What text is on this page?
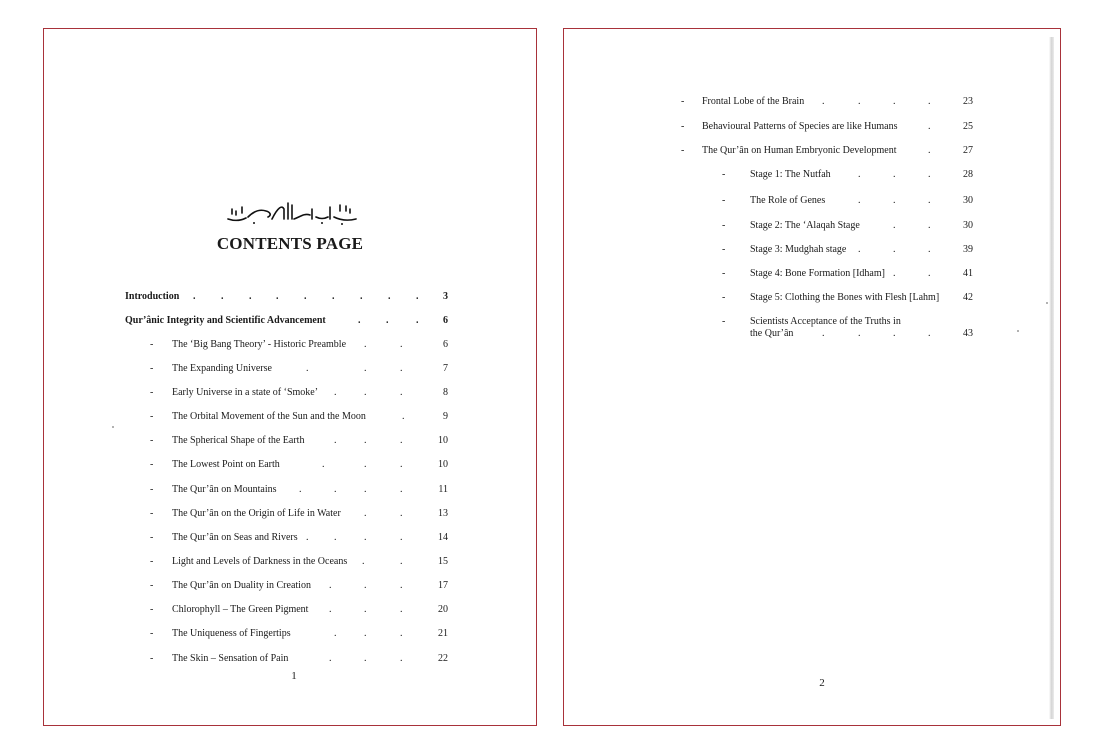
CONTENTS PAGE
Introduction .	.	. .	.	.	.	.	.	3
Qur’ânic Integrity and Scientific Advancement	.	.	.	6
- The ‘Big Bang Theory’ - Historic Preamble .	.	6
- The Expanding Universe	.	.	.	7
- Early Universe in a state of ‘Smoke’ .	.	.	8
- The Orbital Movement of the Sun and the Moon	.	9
- The Spherical Shape of the Earth	.	.	.	10
- The Lowest Point on Earth	.	.	.	10
- The Qur’ân on Mountains .	.	.	.	11
- The Qur’ân on the Origin of Life in Water .	.	13
- The Qur’ân on Seas and Rivers .	.	.	.	14
- Light and Levels of Darkness in the Oceans .	.	15
- The Qur’ân on Duality in Creation .	.	.	17
- Chlorophyll – The Green Pigment .	.	.	20
- The Uniqueness of Fingertips	.	.	.	21
- The Skin – Sensation of Pain	.	.	.	22
1
- Frontal Lobe of the Brain .	.	.	.	23
- Behavioural Patterns of Species are like Humans	.	25
- The Qur’ân on Human Embryonic Development	.	27
- Stage 1: The Nutfah	.	.	.	28
- The Role of Genes	.	.	.	30
- Stage 2: The ‘Alaqah Stage	.	.	30
- Stage 3: Mudghah stage .	.	.	39
- Stage 4: Bone Formation [Idham] .	.	41
- Stage 5: Clothing the Bones with Flesh [Lahm]	42
- Scientists Acceptance of the Truths in
the Qur’ân	.	.	.	.	43
2
